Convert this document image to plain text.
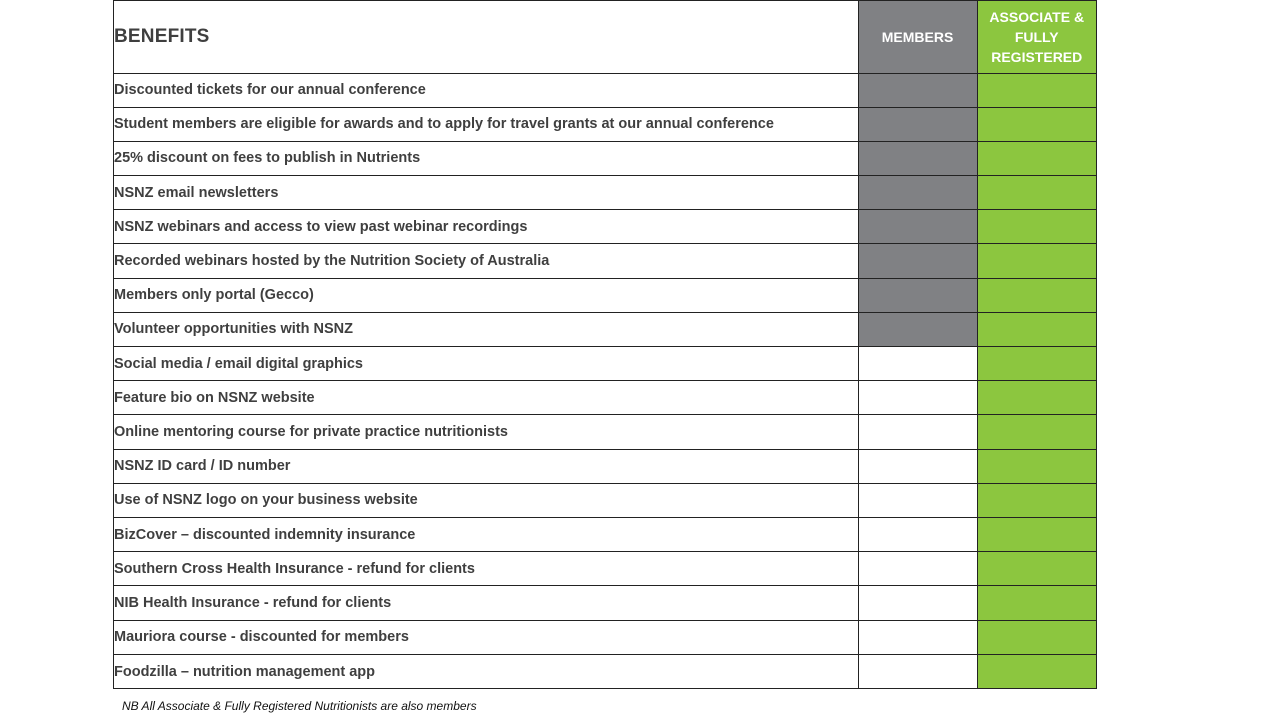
BENEFITS	MEMBERS	ASSOCIATE &
FULLY
REGISTERED
Discounted tickets for our annual conference		
Student members are eligible for awards and to apply for travel grants at our annual conference		
25% discount on fees to publish in Nutrients		
NSNZ email newsletters		
NSNZ webinars and access to view past webinar recordings		
Recorded webinars hosted by the Nutrition Society of Australia		
Members only portal (Gecco)		
Volunteer opportunities with NSNZ		
Social media / email digital graphics		
Feature bio on NSNZ website		
Online mentoring course for private practice nutritionists		
NSNZ ID card / ID number		
Use of NSNZ logo on your business website		
BizCover – discounted indemnity insurance		
Southern Cross Health Insurance - refund for clients		
NIB Health Insurance - refund for clients		
Mauriora course - discounted for members		
Foodzilla – nutrition management app		
NB All Associate & Fully Registered Nutritionists are also members
